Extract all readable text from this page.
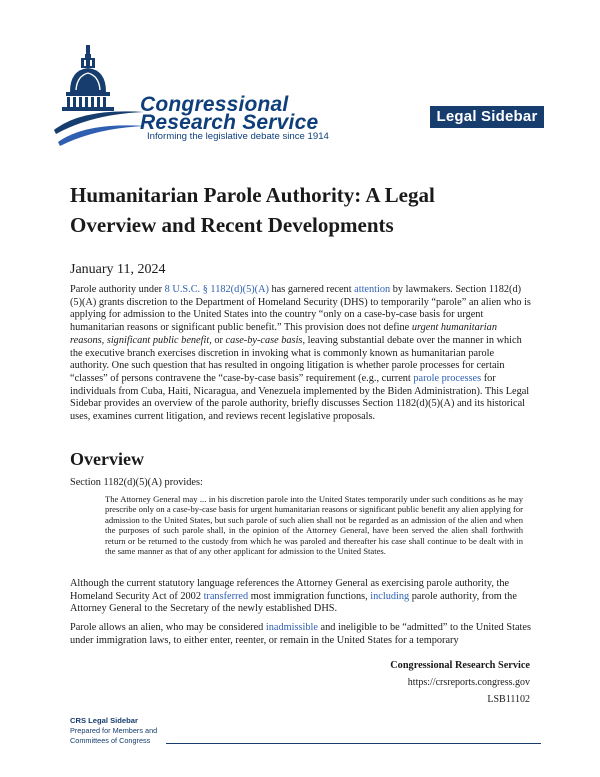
Congressional
Research Service
Informing the legislative debate since 1914
Legal Sidebar
Humanitarian Parole Authority: A Legal Overview and Recent Developments
January 11, 2024

Parole authority under 8 U.S.C. § 1182(d)(5)(A) has garnered recent attention by lawmakers. Section 1182(d)(5)(A) grants discretion to the Department of Homeland Security (DHS) to temporarily “parole” an alien who is applying for admission to the United States into the country “only on a case-by-case basis for urgent humanitarian reasons or significant public benefit.” This provision does not define urgent humanitarian reasons, significant public benefit, or case-by-case basis, leaving substantial debate over the manner in which the executive branch exercises discretion in invoking what is commonly known as humanitarian parole authority. One such question that has resulted in ongoing litigation is whether parole processes for certain “classes” of persons contravene the “case-by-case basis” requirement (e.g., current parole processes for individuals from Cuba, Haiti, Nicaragua, and Venezuela implemented by the Biden Administration). This Legal Sidebar provides an overview of the parole authority, briefly discusses Section 1182(d)(5)(A) and its historical uses, examines current litigation, and reviews recent legislative proposals.

Overview

Section 1182(d)(5)(A) provides:

The Attorney General may ... in his discretion parole into the United States temporarily under such conditions as he may prescribe only on a case-by-case basis for urgent humanitarian reasons or significant public benefit any alien applying for admission to the United States, but such parole of such alien shall not be regarded as an admission of the alien and when the purposes of such parole shall, in the opinion of the Attorney General, have been served the alien shall forthwith return or be returned to the custody from which he was paroled and thereafter his case shall continue to be dealt with in the same manner as that of any other applicant for admission to the United States.

Although the current statutory language references the Attorney General as exercising parole authority, the Homeland Security Act of 2002 transferred most immigration functions, including parole authority, from the Attorney General to the Secretary of the newly established DHS.

Parole allows an alien, who may be considered inadmissible and ineligible to be “admitted” to the United States under immigration laws, to either enter, reenter, or remain in the United States for a temporary

Congressional Research Service
https://crsreports.congress.gov
LSB11102
CRS Legal Sidebar
Prepared for Members and
Committees of Congress
